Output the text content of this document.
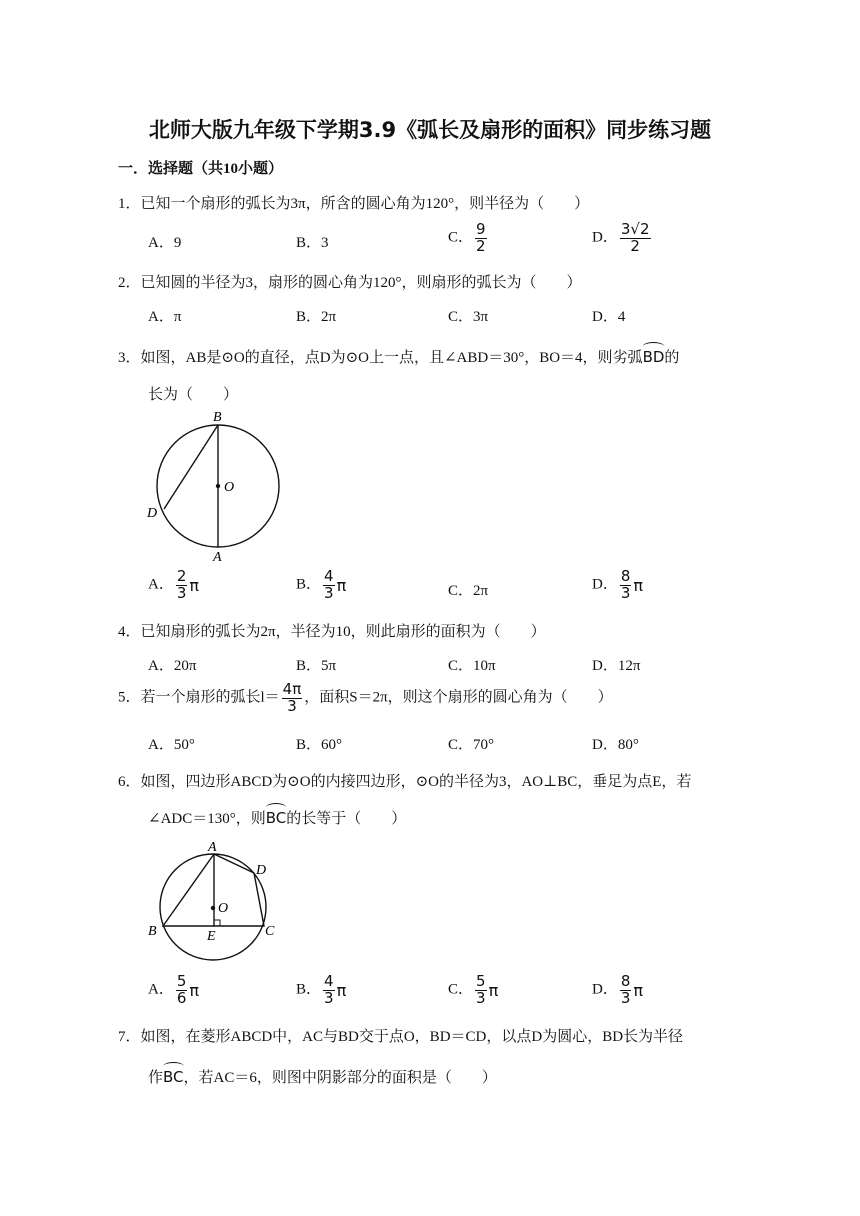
北师大版九年级下学期3.9《弧长及扇形的面积》同步练习题
一．选择题（共10小题）
1．已知一个扇形的弧长为3π，所含的圆心角为120°，则半径为（　　）
A．9	B．3	C． $\frac{9}{2}$	D． $\frac{3√2}{2}$
2．已知圆的半径为3，扇形的圆心角为120°，则扇形的弧长为（　　）
A．π	B．2π	C．3π	D．4
3．如图，AB是⊙O的直径，点D为⊙O上一点，且∠ABD＝30°，BO＝4，则劣弧BD的
长为（　　）
B
O
D
A
A． $\frac{2}{3}$ π	B． $\frac{4}{3}$ π	C．2π	D． $\frac{8}{3}$ π
4．已知扇形的弧长为2π，半径为10，则此扇形的面积为（　　）
A．20π	B．5π	C．10π	D．12π
5．若一个扇形的弧长$l= \frac{4\pi}{3}$ ，面积S＝2π，则这个扇形的圆心角为（　　）
A．50°	B．60°	C．70°	D．80°
6．如图，四边形ABCD为⊙O的内接四边形，⊙O的半径为3，AO⊥BC，垂足为点E，若
∠ADC＝130°，则BC的长等于（　　）
A
D
O
B	E	C
A． $\frac{5}{6}$ π	B． $\frac{4}{3}$ π	C． $\frac{5}{3}$ π	D． $\frac{8}{3}$ π
7．如图，在菱形ABCD中，AC与BD交于点O，BD＝CD，以点D为圆心，BD长为半径
作BC，若AC＝6，则图中阴影部分的面积是（　　）
